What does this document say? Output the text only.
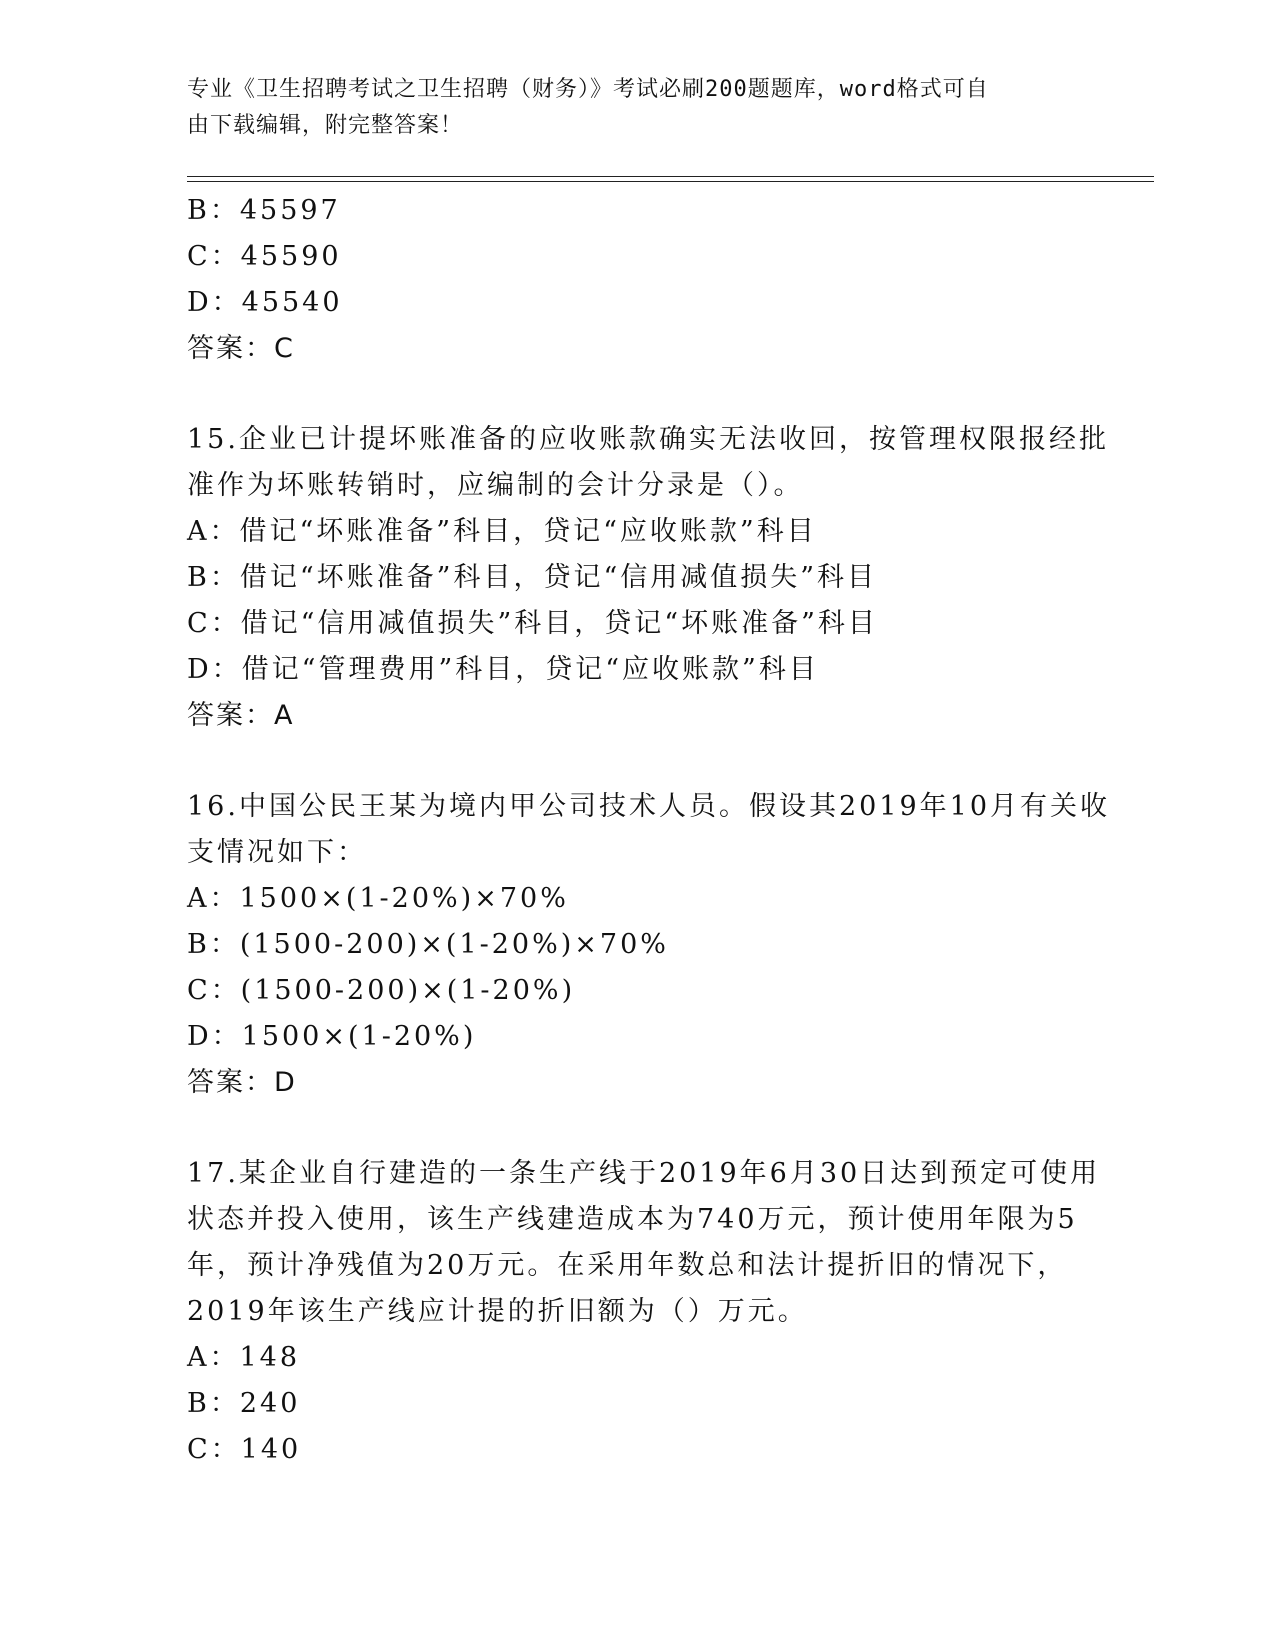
专业《卫生招聘考试之卫生招聘（财务）》考试必刷200题题库，word格式可自
由下载编辑，附完整答案！
B：45597
C：45590
D：45540
答案：C
15.企业已计提坏账准备的应收账款确实无法收回，按管理权限报经批
准作为坏账转销时，应编制的会计分录是（）。
A：借记“坏账准备”科目，贷记“应收账款”科目
B：借记“坏账准备”科目，贷记“信用减值损失”科目
C：借记“信用减值损失”科目，贷记“坏账准备”科目
D：借记“管理费用”科目，贷记“应收账款”科目
答案：A
16.中国公民王某为境内甲公司技术人员。假设其2019年10月有关收
支情况如下：
A：1500×(1-20%)×70%
B：(1500-200)×(1-20%)×70%
C：(1500-200)×(1-20%)
D：1500×(1-20%)
答案：D
17.某企业自行建造的一条生产线于2019年6月30日达到预定可使用
状态并投入使用，该生产线建造成本为740万元，预计使用年限为5
年，预计净残值为20万元。在采用年数总和法计提折旧的情况下，
2019年该生产线应计提的折旧额为（）万元。
A：148
B：240
C：140
